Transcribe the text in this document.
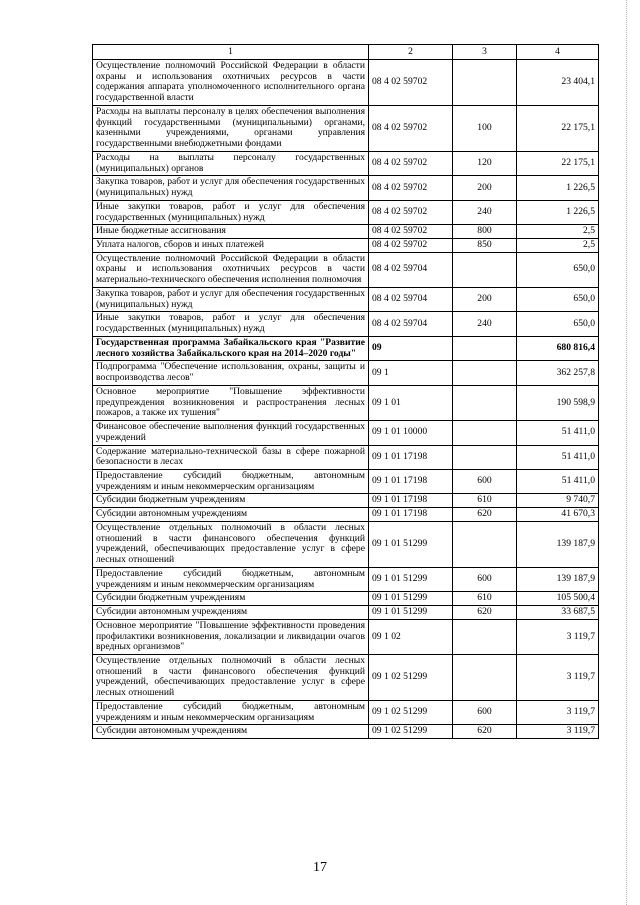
1	2	3	4
Осуществление полномочий Российской Федерации в области охраны и использования охотничьих ресурсов в части содержания аппарата уполномоченного исполнительного органа государственной власти	08 4 02 59702		23 404,1
Расходы на выплаты персоналу в целях обеспечения выполнения функций государственными (муниципальными) органами, казенными учреждениями, органами управления государственными внебюджетными фондами	08 4 02 59702	100	22 175,1
Расходы на выплаты персоналу государственных (муниципальных) органов	08 4 02 59702	120	22 175,1
Закупка товаров, работ и услуг для обеспечения государственных (муниципальных) нужд	08 4 02 59702	200	1 226,5
Иные закупки товаров, работ и услуг для обеспечения государственных (муниципальных) нужд	08 4 02 59702	240	1 226,5
Иные бюджетные ассигнования	08 4 02 59702	800	2,5
Уплата налогов, сборов и иных платежей	08 4 02 59702	850	2,5
Осуществление полномочий Российской Федерации в области охраны и использования охотничьих ресурсов в части материально-технического обеспечения исполнения полномочия	08 4 02 59704		650,0
Закупка товаров, работ и услуг для обеспечения государственных (муниципальных) нужд	08 4 02 59704	200	650,0
Иные закупки товаров, работ и услуг для обеспечения государственных (муниципальных) нужд	08 4 02 59704	240	650,0
Государственная программа Забайкальского края "Развитие лесного хозяйства Забайкальского края на 2014–2020 годы"	09		680 816,4
Подпрограмма "Обеспечение использования, охраны, защиты и воспроизводства лесов"	09 1		362 257,8
Основное мероприятие "Повышение эффективности предупреждения возникновения и распространения лесных пожаров, а также их тушения"	09 1 01		190 598,9
Финансовое обеспечение выполнения функций государственных учреждений	09 1 01 10000		51 411,0
Содержание материально-технической базы в сфере пожарной безопасности в лесах	09 1 01 17198		51 411,0
Предоставление субсидий бюджетным, автономным учреждениям и иным некоммерческим организациям	09 1 01 17198	600	51 411,0
Субсидии бюджетным учреждениям	09 1 01 17198	610	9 740,7
Субсидии автономным учреждениям	09 1 01 17198	620	41 670,3
Осуществление отдельных полномочий в области лесных отношений в части финансового обеспечения функций учреждений, обеспечивающих предоставление услуг в сфере лесных отношений	09 1 01 51299		139 187,9
Предоставление субсидий бюджетным, автономным учреждениям и иным некоммерческим организациям	09 1 01 51299	600	139 187,9
Субсидии бюджетным учреждениям	09 1 01 51299	610	105 500,4
Субсидии автономным учреждениям	09 1 01 51299	620	33 687,5
Основное мероприятие "Повышение эффективности проведения профилактики возникновения, локализации и ликвидации очагов вредных организмов"	09 1 02		3 119,7
Осуществление отдельных полномочий в области лесных отношений в части финансового обеспечения функций учреждений, обеспечивающих предоставление услуг в сфере лесных отношений	09 1 02 51299		3 119,7
Предоставление субсидий бюджетным, автономным учреждениям и иным некоммерческим организациям	09 1 02 51299	600	3 119,7
Субсидии автономным учреждениям	09 1 02 51299	620	3 119,7
17
